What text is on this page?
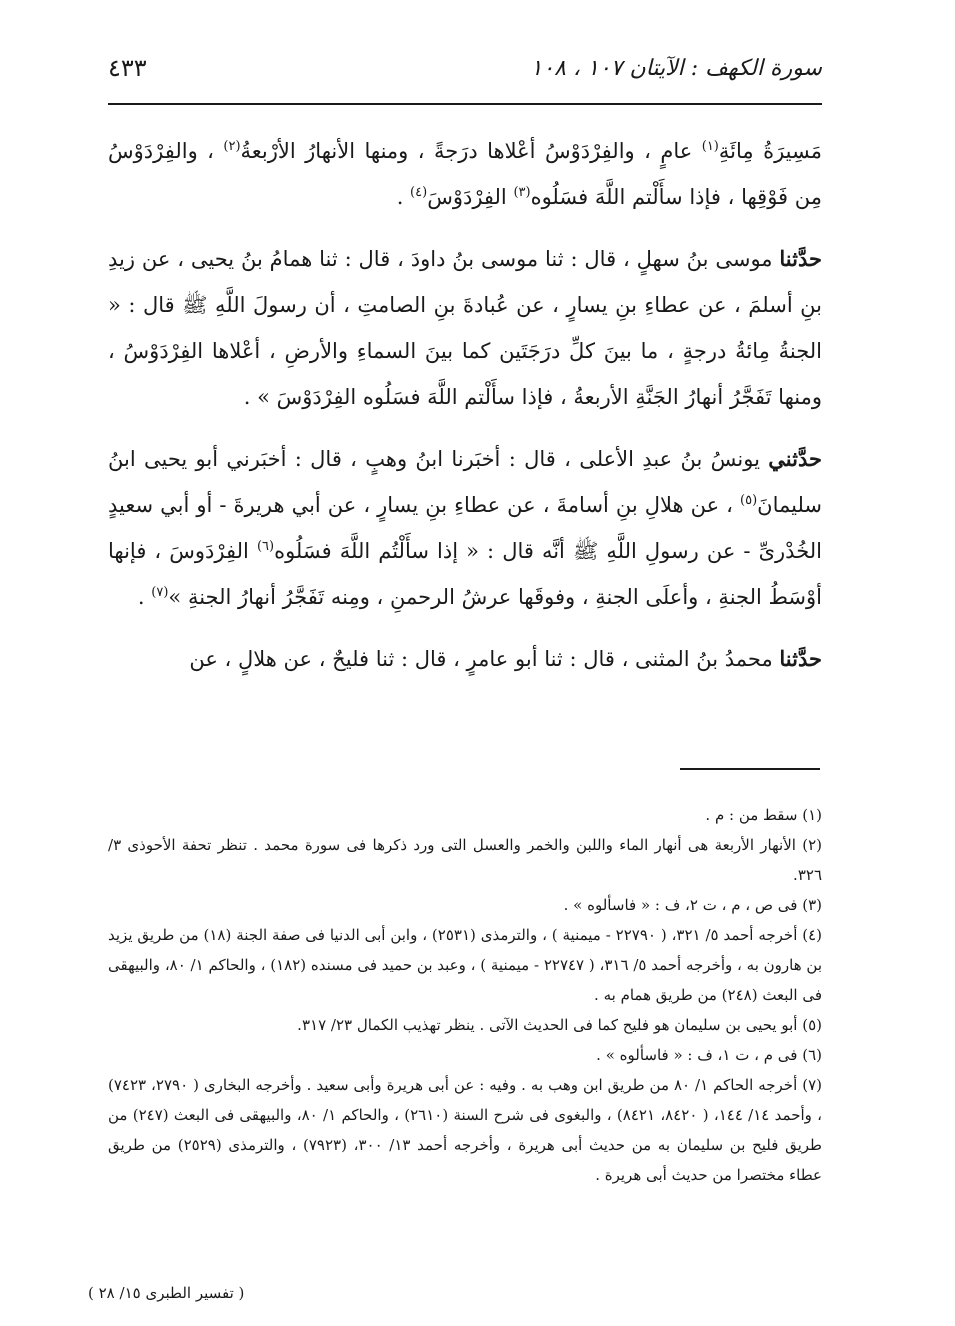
سورة الكهف : الآيتان ١٠٧ ، ١٠٨
٤٣٣

مَسِيرَةُ مِائَةِ$^{(١)}$ عامٍ ، والفِرْدَوْسُ أعْلاها درَجةً ، ومنها الأنهارُ الأرْبعةُ$^{(٢)}$ ، والفِرْدَوْسُ مِن فَوْقِها ، فإذا سأَلْتم اللَّهَ فسَلُوه$^{(٣)}$ الفِرْدَوْسَ$^{(٤)}$ .

حدَّثنا موسى بنُ سهلٍ ، قال : ثنا موسى بنُ داودَ ، قال : ثنا همامُ بنُ يحيى ، عن زيدِ بنِ أسلمَ ، عن عطاءِ بنِ يسارٍ ، عن عُبادةَ بنِ الصامتِ ، أن رسولَ اللَّهِ ﷺ قال : « الجنةُ مِائةُ درجةٍ ، ما بينَ كلِّ درَجَتَين كما بينَ السماءِ والأرضِ ، أعْلاها الفِرْدَوْسُ ، ومنها تَفَجَّرُ أنهارُ الجَنَّةِ الأربعةُ ، فإذا سأَلْتم اللَّهَ فسَلُوه الفِرْدَوْسَ » .

حدَّثني يونسُ بنُ عبدِ الأعلى ، قال : أخبَرنا ابنُ وهبٍ ، قال : أخبَرني أبو يحيى ابنُ سليمانَ$^{(٥)}$ ، عن هلالِ بنِ أسامةَ ، عن عطاءِ بنِ يسارٍ ، عن أبي هريرةَ - أو أبي سعيدٍ الخُدْرىِّ - عن رسولِ اللَّهِ ﷺ أنَّه قال : « إذا سأَلْتُم اللَّهَ فسَلُوه$^{(٦)}$ الفِرْدَوسَ ، فإنها أوْسَطُ الجنةِ ، وأعلَى الجنةِ ، وفوقَها عرشُ الرحمنِ ، ومِنه تَفَجَّرُ أنهارُ الجنةِ »$^{(٧)}$ .

حدَّثنا محمدُ بنُ المثنى ، قال : ثنا أبو عامرٍ ، قال : ثنا فليحٌ ، عن هلالٍ ، عن

(١) سقط من : م .

(٢) الأنهار الأربعة هى أنهار الماء واللبن والخمر والعسل التى ورد ذكرها فى سورة محمد . تنظر تحفة الأحوذى ٣/ ٣٢٦.

(٣) فى ص ، م ، ت ٢، ف : « فاسألوه » .

(٤) أخرجه أحمد ٥/ ٣٢١، ( ٢٢٧٩٠ - ميمنية ) ، والترمذى (٢٥٣١) ، وابن أبى الدنيا فى صفة الجنة (١٨) من طريق يزيد بن هارون به ، وأخرجه أحمد ٥/ ٣١٦، ( ٢٢٧٤٧ - ميمنية ) ، وعبد بن حميد فى مسنده (١٨٢) ، والحاكم ١/ ٨٠، والبيهقى فى البعث (٢٤٨) من طريق همام به .

(٥) أبو يحيى بن سليمان هو فليح كما فى الحديث الآتى . ينظر تهذيب الكمال ٢٣/ ٣١٧.

(٦) فى م ، ت ١، ف : « فاسألوه » .

(٧) أخرجه الحاكم ١/ ٨٠ من طريق ابن وهب به . وفيه : عن أبى هريرة وأبى سعيد . وأخرجه البخارى ( ٢٧٩٠، ٧٤٢٣) ، وأحمد ١٤/ ١٤٤، ( ٨٤٢٠، ٨٤٢١) ، والبغوى فى شرح السنة (٢٦١٠) ، والحاكم ١/ ٨٠، والبيهقى فى البعث (٢٤٧) من طريق فليح بن سليمان به من حديث أبى هريرة ، وأخرجه أحمد ١٣/ ٣٠٠، (٧٩٢٣) ، والترمذى (٢٥٢٩) من طريق عطاء مختصرا من حديث أبى هريرة .

( تفسير الطبرى ١٥/ ٢٨ )
